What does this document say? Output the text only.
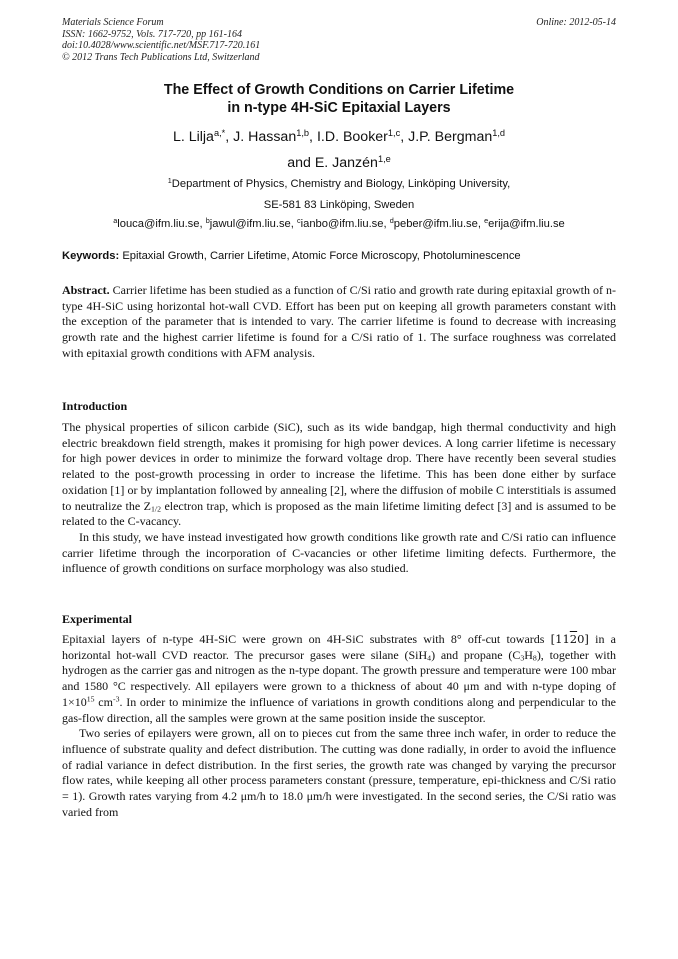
Materials Science Forum
ISSN: 1662-9752, Vols. 717-720, pp 161-164
doi:10.4028/www.scientific.net/MSF.717-720.161
© 2012 Trans Tech Publications Ltd, Switzerland
Online: 2012-05-14
The Effect of Growth Conditions on Carrier Lifetime
in n-type 4H-SiC Epitaxial Layers
L. Lilja$^{a,*}$, J. Hassan$^{1,b}$, I.D. Booker$^{1,c}$, J.P. Bergman$^{1,d}$
and E. Janzén$^{1,e}$
$^1$Department of Physics, Chemistry and Biology, Linköping University,
SE-581 83 Linköping, Sweden
$^a$louca@ifm.liu.se, $^b$jawul@ifm.liu.se, $^c$ianbo@ifm.liu.se, $^d$peber@ifm.liu.se, $^e$erija@ifm.liu.se
Keywords: Epitaxial Growth, Carrier Lifetime, Atomic Force Microscopy, Photoluminescence
Abstract. Carrier lifetime has been studied as a function of C/Si ratio and growth rate during epitaxial growth of n-type 4H-SiC using horizontal hot-wall CVD. Effort has been put on keeping all growth parameters constant with the exception of the parameter that is intended to vary. The carrier lifetime is found to decrease with increasing growth rate and the highest carrier lifetime is found for a C/Si ratio of 1. The surface roughness was correlated with epitaxial growth conditions with AFM analysis.
Introduction

The physical properties of silicon carbide (SiC), such as its wide bandgap, high thermal conductivity and high electric breakdown field strength, makes it promising for high power devices. A long carrier lifetime is necessary for high power devices in order to minimize the forward voltage drop. There have recently been several studies related to the post-growth processing in order to increase the lifetime. This has been done either by surface oxidation [1] or by implantation followed by annealing [2], where the diffusion of mobile C interstitials is assumed to neutralize the $Z_{1/2}$ electron trap, which is proposed as the main lifetime limiting defect [3] and is assumed to be related to the C-vacancy.

In this study, we have instead investigated how growth conditions like growth rate and C/Si ratio can influence carrier lifetime through the incorporation of C-vacancies or other lifetime limiting defects. Furthermore, the influence of growth conditions on surface morphology was also studied.

Experimental

Epitaxial layers of n-type 4H-SiC were grown on 4H-SiC substrates with 8° off-cut towards [1120] in a horizontal hot-wall CVD reactor. The precursor gases were silane (SiH$_4$) and propane $(C_3H_8)$, together with hydrogen as the carrier gas and nitrogen as the n-type dopant. The growth pressure and temperature were 100 mbar and 1580 °C respectively. All epilayers were grown to a thickness of about 40 μm and with n-type doping of $1\times 10^{15}$ $cm^{-3}$. In order to minimize the influence of variations in growth conditions along and perpendicular to the gas-flow direction, all the samples were grown at the same position inside the susceptor.

Two series of epilayers were grown, all on to pieces cut from the same three inch wafer, in order to reduce the influence of substrate quality and defect distribution. The cutting was done radially, in order to avoid the influence of radial variance in defect distribution. In the first series, the growth rate was changed by varying the precursor flow rates, while keeping all other process parameters constant (pressure, temperature, epi-thickness and C/Si ratio = 1). Growth rates varying from 4.2 μm/h to 18.0 μm/h were investigated. In the second series, the C/Si ratio was varied from
